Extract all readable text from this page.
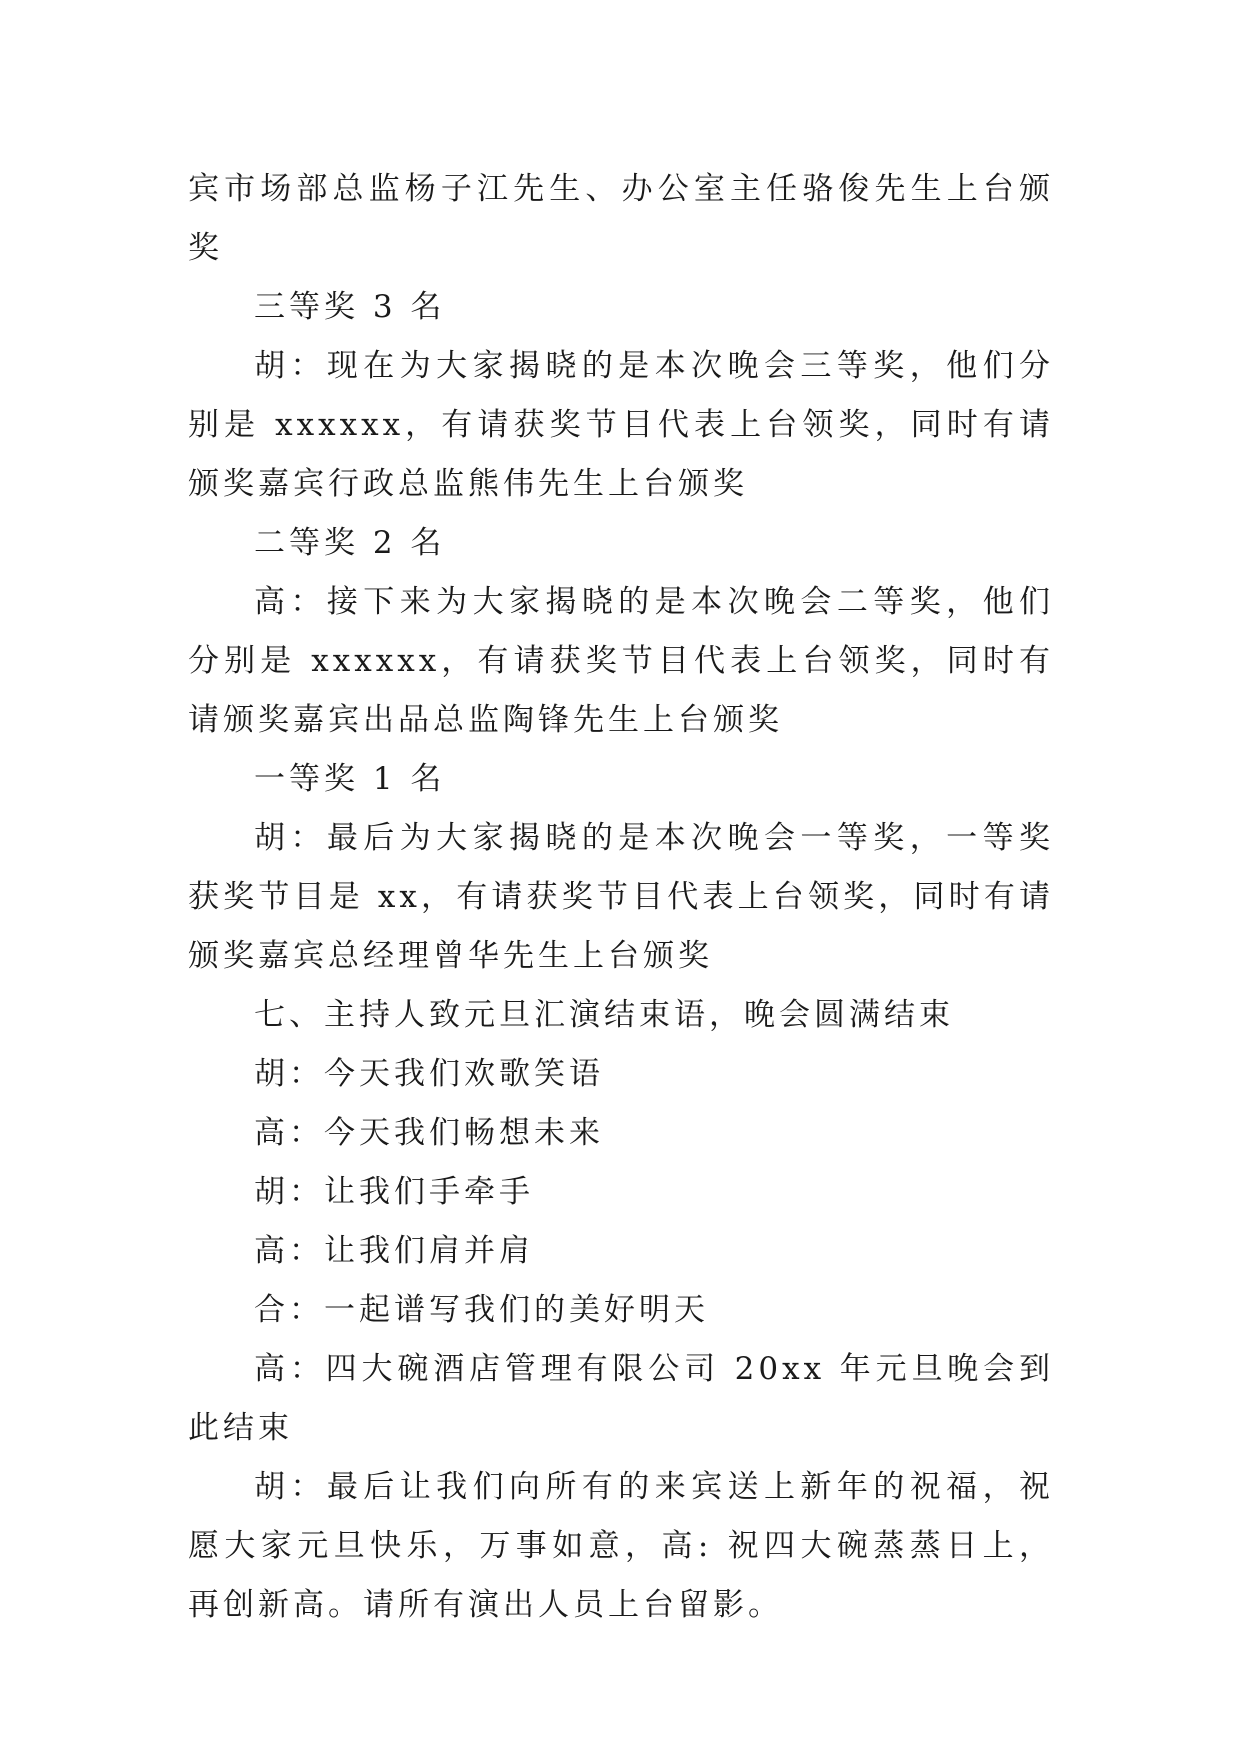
宾市场部总监杨子江先生、办公室主任骆俊先生上台颁奖

三等奖 3 名

胡：现在为大家揭晓的是本次晚会三等奖，他们分别是 xxxxxx，有请获奖节目代表上台领奖，同时有请颁奖嘉宾行政总监熊伟先生上台颁奖

二等奖 2 名

高：接下来为大家揭晓的是本次晚会二等奖，他们分别是 xxxxxx，有请获奖节目代表上台领奖，同时有请颁奖嘉宾出品总监陶锋先生上台颁奖

一等奖 1 名

胡：最后为大家揭晓的是本次晚会一等奖，一等奖获奖节目是 xx，有请获奖节目代表上台领奖，同时有请颁奖嘉宾总经理曾华先生上台颁奖

七、主持人致元旦汇演结束语，晚会圆满结束

胡：今天我们欢歌笑语

高：今天我们畅想未来

胡：让我们手牵手

高：让我们肩并肩

合：一起谱写我们的美好明天

高：四大碗酒店管理有限公司 20xx 年元旦晚会到此结束

胡：最后让我们向所有的来宾送上新年的祝福，祝愿大家元旦快乐，万事如意，高: 祝四大碗蒸蒸日上，再创新高。请所有演出人员上台留影。
